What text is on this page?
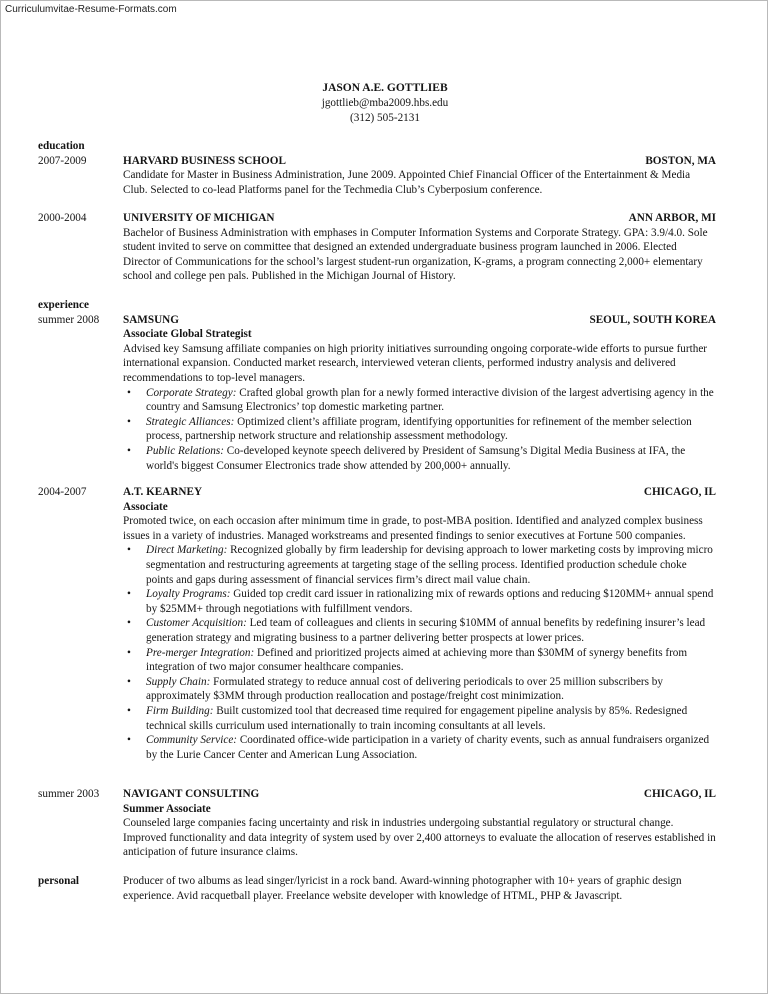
Curriculumvitae-Resume-Formats.com
JASON A.E. GOTTLIEB
jgottlieb@mba2009.hbs.edu
(312) 505-2131
education
2007-2009	HARVARD BUSINESS SCHOOL	BOSTON, MA
Candidate for Master in Business Administration, June 2009. Appointed Chief Financial Officer of the Entertainment & Media Club. Selected to co-lead Platforms panel for the Techmedia Club’s Cyberposium conference.
2000-2004	UNIVERSITY OF MICHIGAN	ANN ARBOR, MI
Bachelor of Business Administration with emphases in Computer Information Systems and Corporate Strategy. GPA: 3.9/4.0. Sole student invited to serve on committee that designed an extended undergraduate business program launched in 2006. Elected Director of Communications for the school’s largest student-run organization, K-grams, a program connecting 2,000+ elementary school and college pen pals. Published in the Michigan Journal of History.
experience
summer 2008	SAMSUNG	SEOUL, SOUTH KOREA
Associate Global Strategist
Advised key Samsung affiliate companies on high priority initiatives surrounding ongoing corporate-wide efforts to pursue further international expansion. Conducted market research, interviewed veteran clients, performed industry analysis and delivered recommendations to top-level managers.
• Corporate Strategy: Crafted global growth plan for a newly formed interactive division of the largest advertising agency in the country and Samsung Electronics’ top domestic marketing partner.
• Strategic Alliances: Optimized client’s affiliate program, identifying opportunities for refinement of the member selection process, partnership network structure and relationship assessment methodology.
• Public Relations: Co-developed keynote speech delivered by President of Samsung’s Digital Media Business at IFA, the world's biggest Consumer Electronics trade show attended by 200,000+ annually.
2004-2007	A.T. KEARNEY	CHICAGO, IL
Associate
Promoted twice, on each occasion after minimum time in grade, to post-MBA position. Identified and analyzed complex business issues in a variety of industries. Managed workstreams and presented findings to senior executives at Fortune 500 companies.
• Direct Marketing: Recognized globally by firm leadership for devising approach to lower marketing costs by improving micro segmentation and restructuring agreements at targeting stage of the selling process. Identified production schedule choke points and gaps during assessment of financial services firm’s direct mail value chain.
• Loyalty Programs: Guided top credit card issuer in rationalizing mix of rewards options and reducing $120MM+ annual spend by $25MM+ through negotiations with fulfillment vendors.
• Customer Acquisition: Led team of colleagues and clients in securing $10MM of annual benefits by redefining insurer’s lead generation strategy and migrating business to a partner delivering better prospects at lower prices.
• Pre-merger Integration: Defined and prioritized projects aimed at achieving more than $30MM of synergy benefits from integration of two major consumer healthcare companies.
• Supply Chain: Formulated strategy to reduce annual cost of delivering periodicals to over 25 million subscribers by approximately $3MM through production reallocation and postage/freight cost minimization.
• Firm Building: Built customized tool that decreased time required for engagement pipeline analysis by 85%. Redesigned technical skills curriculum used internationally to train incoming consultants at all levels.
• Community Service: Coordinated office-wide participation in a variety of charity events, such as annual fundraisers organized by the Lurie Cancer Center and American Lung Association.
summer 2003	NAVIGANT CONSULTING	CHICAGO, IL
Summer Associate
Counseled large companies facing uncertainty and risk in industries undergoing substantial regulatory or structural change. Improved functionality and data integrity of system used by over 2,400 attorneys to evaluate the allocation of reserves established in anticipation of future insurance claims.
personal	Producer of two albums as lead singer/lyricist in a rock band. Award-winning photographer with 10+ years of graphic design experience. Avid racquetball player. Freelance website developer with knowledge of HTML, PHP & Javascript.
